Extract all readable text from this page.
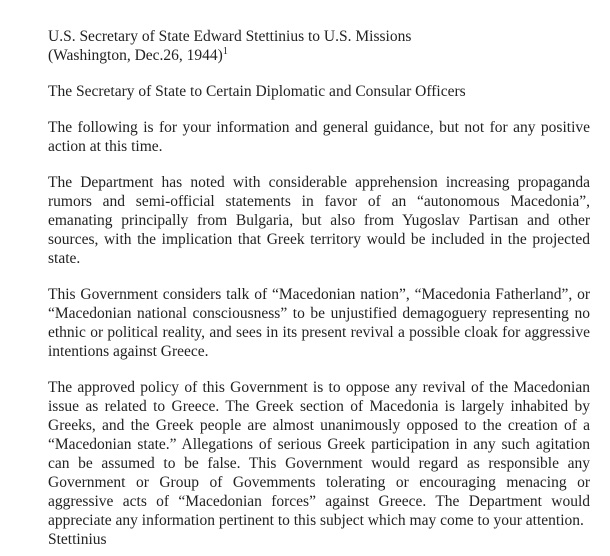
U.S. Secretary of State Edward Stettinius to U.S. Missions
(Washington, Dec.26, 1944)$^1$
The Secretary of State to Certain Diplomatic and Consular Officers

The following is for your information and general guidance, but not for any positive action at this time.

The Department has noted with considerable apprehension increasing propaganda rumors and semi-official statements in favor of an “autonomous Macedonia”, emanating principally from Bulgaria, but also from Yugoslav Partisan and other sources, with the implication that Greek territory would be included in the projected state.

This Government considers talk of “Macedonian nation”, “Macedonia Fatherland”, or “Macedonian national consciousness” to be unjustified demagoguery representing no ethnic or political reality, and sees in its present revival a possible cloak for aggressive intentions against Greece.

The approved policy of this Government is to oppose any revival of the Macedonian issue as related to Greece. The Greek section of Macedonia is largely inhabited by Greeks, and the Greek people are almost unanimously opposed to the creation of a “Macedonian state.” Allegations of serious Greek participation in any such agitation can be assumed to be false. This Government would regard as responsible any Government or Group of Govemments tolerating or encouraging menacing or aggressive acts of “Macedonian forces” against Greece. The Department would appreciate any information pertinent to this subject which may come to your attention.

Stettinius
